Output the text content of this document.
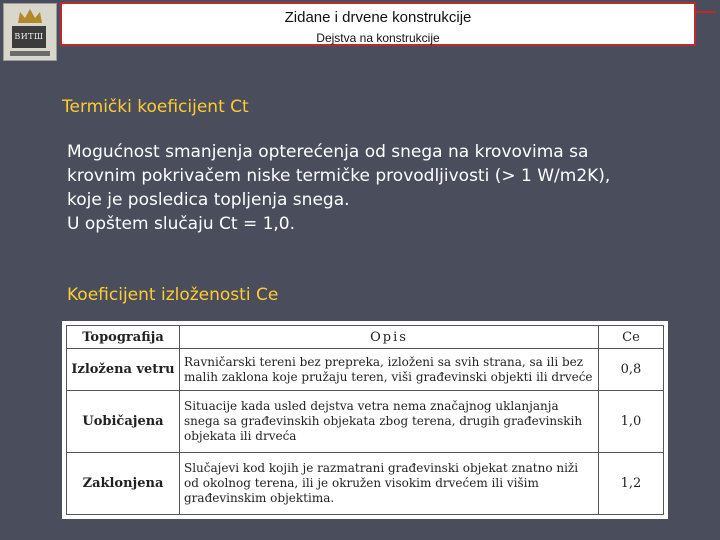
ВИТШ
Zidane i drvene konstrukcije
Dejstva na konstrukcije
Termički koeficijent Ct
Mogućnost smanjenja opterećenja od snega na krovovima sa
krovnim pokrivačem niske termičke provodljivosti (> 1 W/m2K),
koje je posledica topljenja snega.
U opštem slučaju Ct = 1,0.
Koeficijent izloženosti Ce
Topografija	Opis	Ce
Izložena vetru	Ravničarski tereni bez prepreka, izloženi sa svih strana, sa ili bez malih zaklona koje pružaju teren, viši građevinski objekti ili drveće	0,8
Uobičajena	Situacije kada usled dejstva vetra nema značajnog uklanjanja snega sa građevinskih objekata zbog terena, drugih građevinskih objekata ili drveća	1,0
Zaklonjena	Slučajevi kod kojih je razmatrani građevinski objekat znatno niži od okolnog terena, ili je okružen visokim drvećem ili višim građevinskim objektima.	1,2
